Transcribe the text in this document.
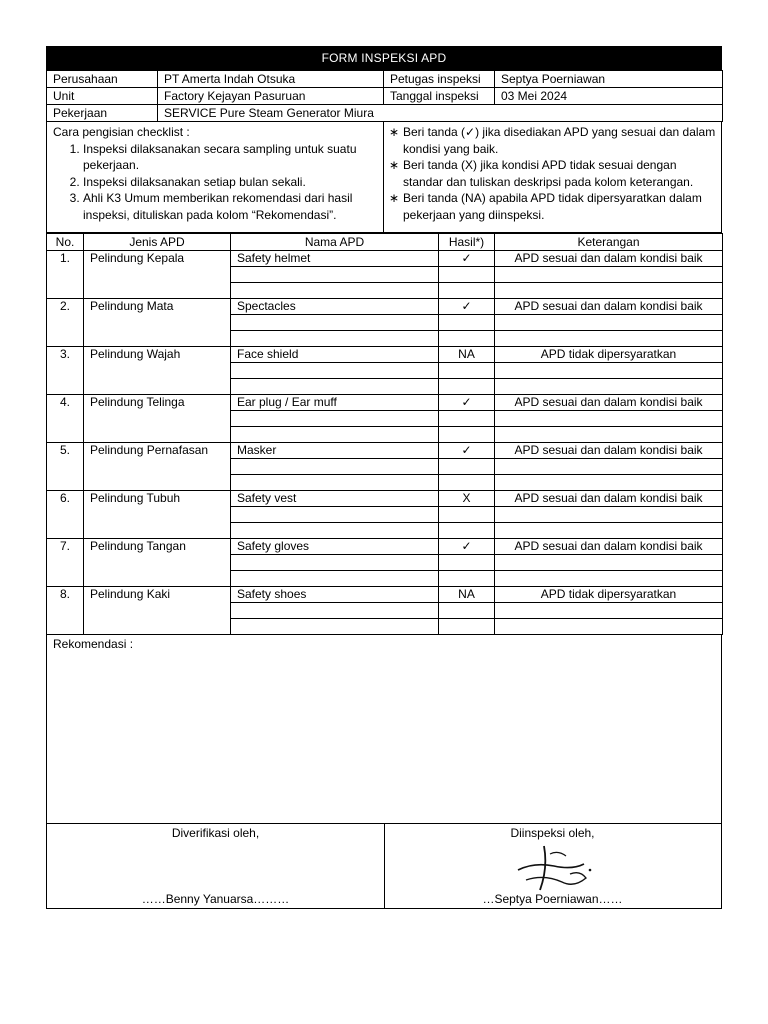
FORM INSPEKSI APD
Perusahaan	PT Amerta Indah Otsuka	Petugas inspeksi	Septya Poerniawan
Unit	Factory Kejayan Pasuruan	Tanggal inspeksi	03 Mei 2024
Pekerjaan	SERVICE Pure Steam Generator Miura		
Cara pengisian checklist :
1. Inspeksi dilaksanakan secara sampling untuk suatu pekerjaan.
2. Inspeksi dilaksanakan setiap bulan sekali.
3. Ahli K3 Umum memberikan rekomendasi dari hasil inspeksi, dituliskan pada kolom “Rekomendasi”.
∗ Beri tanda (✓) jika disediakan APD yang sesuai dan dalam kondisi yang baik.
∗ Beri tanda (X) jika kondisi APD tidak sesuai dengan standar dan tuliskan deskripsi pada kolom keterangan.
∗ Beri tanda (NA) apabila APD tidak dipersyaratkan dalam pekerjaan yang diinspeksi.
No.	Jenis APD	Nama APD	Hasil*)	Keterangan
1.	Pelindung Kepala	Safety helmet	✓	APD sesuai dan dalam kondisi baik

2.	Pelindung Mata	Spectacles	✓	APD sesuai dan dalam kondisi baik

3.	Pelindung Wajah	Face shield	NA	APD tidak dipersyaratkan

4.	Pelindung Telinga	Ear plug / Ear muff	✓	APD sesuai dan dalam kondisi baik

5.	Pelindung Pernafasan	Masker	✓	APD sesuai dan dalam kondisi baik

6.	Pelindung Tubuh	Safety vest	X	APD sesuai dan dalam kondisi baik

7.	Pelindung Tangan	Safety gloves	✓	APD sesuai dan dalam kondisi baik

8.	Pelindung Kaki	Safety shoes	NA	APD tidak dipersyaratkan

Rekomendasi :
Diverifikasi oleh,
……Benny Yanuarsa………
Diinspeksi oleh,
…Septya Poerniawan……
